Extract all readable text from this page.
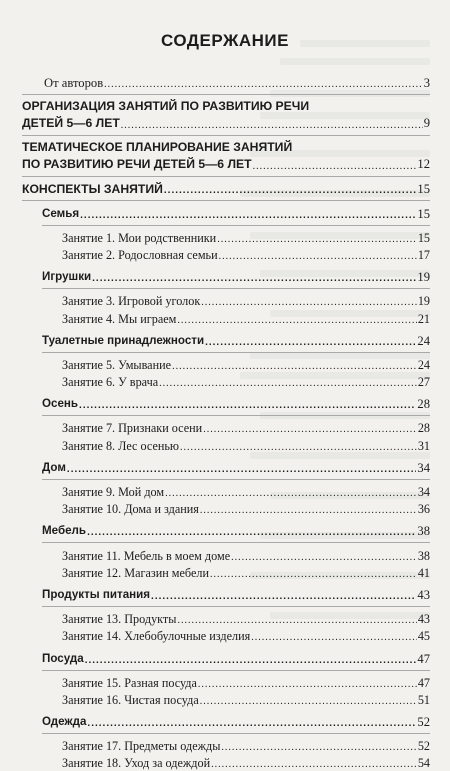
СОДЕРЖАНИЕ
От авторов .....	3
ОРГАНИЗАЦИЯ ЗАНЯТИЙ ПО РАЗВИТИЮ РЕЧИ
ДЕТЕЙ 5—6 ЛЕТ .....	9
ТЕМАТИЧЕСКОЕ ПЛАНИРОВАНИЕ ЗАНЯТИЙ
ПО РАЗВИТИЮ РЕЧИ ДЕТЕЙ 5—6 ЛЕТ .....	12
КОНСПЕКТЫ ЗАНЯТИЙ .....	15
Семья .....	15
Занятие 1. Мои родственники .....	15
Занятие 2. Родословная семьи .....	17
Игрушки .....	19
Занятие 3. Игровой уголок .....	19
Занятие 4. Мы играем .....	21
Туалетные принадлежности .....	24
Занятие 5. Умывание .....	24
Занятие 6. У врача .....	27
Осень .....	28
Занятие 7. Признаки осени .....	28
Занятие 8. Лес осенью .....	31
Дом .....	34
Занятие 9. Мой дом .....	34
Занятие 10. Дома и здания .....	36
Мебель .....	38
Занятие 11. Мебель в моем доме .....	38
Занятие 12. Магазин мебели .....	41
Продукты питания .....	43
Занятие 13. Продукты .....	43
Занятие 14. Хлебобулочные изделия .....	45
Посуда .....	47
Занятие 15. Разная посуда .....	47
Занятие 16. Чистая посуда .....	51
Одежда .....	52
Занятие 17. Предметы одежды .....	52
Занятие 18. Уход за одеждой .....	54
